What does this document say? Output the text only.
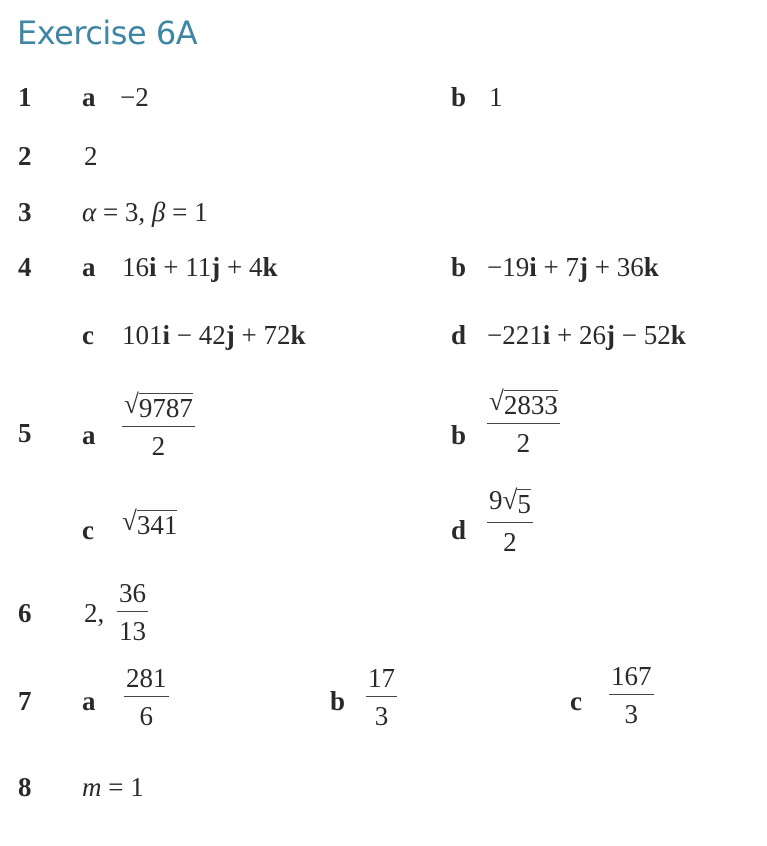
Exercise 6A
1 a −2	b 1
2 2
3 α = 3, β = 1
4 a 16i + 11j + 4k	b −19i + 7j + 36k
c 101i − 42j + 72k	d −221i + 26j − 52k
5 a $\frac{√ 9787}{2}$	b $\frac{√ 2833}{2}$
c √ 341	d $\frac{9 √ 5}{2}$
6 2, $\frac{36}{13}$
7 a $\frac{281}{6}$	b $\frac{17}{3}$	c $\frac{167}{3}$
8 m = 1
